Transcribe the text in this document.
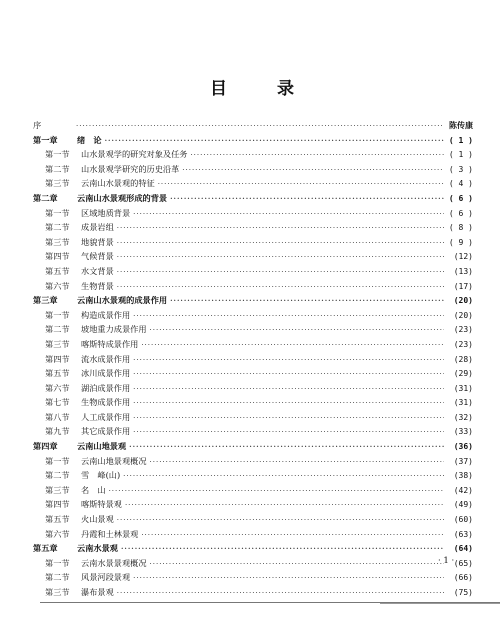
目 录
序 ·····	陈传康
第一章	绪　论 ·····	( 1 )
第一节	山水景观学的研究对象及任务 ·····	( 1 )
第二节	山水景观学研究的历史沿革 ·····	( 3 )
第三节	云南山水景观的特征 ·····	( 4 )
第二章	云南山水景观形成的背景 ·····	( 6 )
第一节	区域地质背景 ·····	( 6 )
第二节	成景岩组 ·····	( 8 )
第三节	地貌背景 ·····	( 9 )
第四节	气候背景 ·····	(12)
第五节	水文背景 ·····	(13)
第六节	生物背景 ·····	(17)
第三章	云南山水景观的成景作用 ·····	(20)
第一节	构造成景作用 ·····	(20)
第二节	坡地重力成景作用 ·····	(23)
第三节	喀斯特成景作用 ·····	(23)
第四节	流水成景作用 ·····	(28)
第五节	冰川成景作用 ·····	(29)
第六节	湖泊成景作用 ·····	(31)
第七节	生物成景作用 ·····	(31)
第八节	人工成景作用 ·····	(32)
第九节	其它成景作用 ·····	(33)
第四章	云南山地景观 ·····	(36)
第一节	云南山地景观概况 ·····	(37)
第二节	雪　峰(山) ·····	(38)
第三节	名　山 ·····	(42)
第四节	喀斯特景观 ·····	(49)
第五节	火山景观 ·····	(60)
第六节	丹霞和土林景观 ·····	(63)
第五章	云南水景观 ·····	(64)
第一节	云南水景景观概况 ·····	(65)
第二节	风景河段景观 ·····	(66)
第三节	瀑布景观 ·····	(75)
· 1 ·
